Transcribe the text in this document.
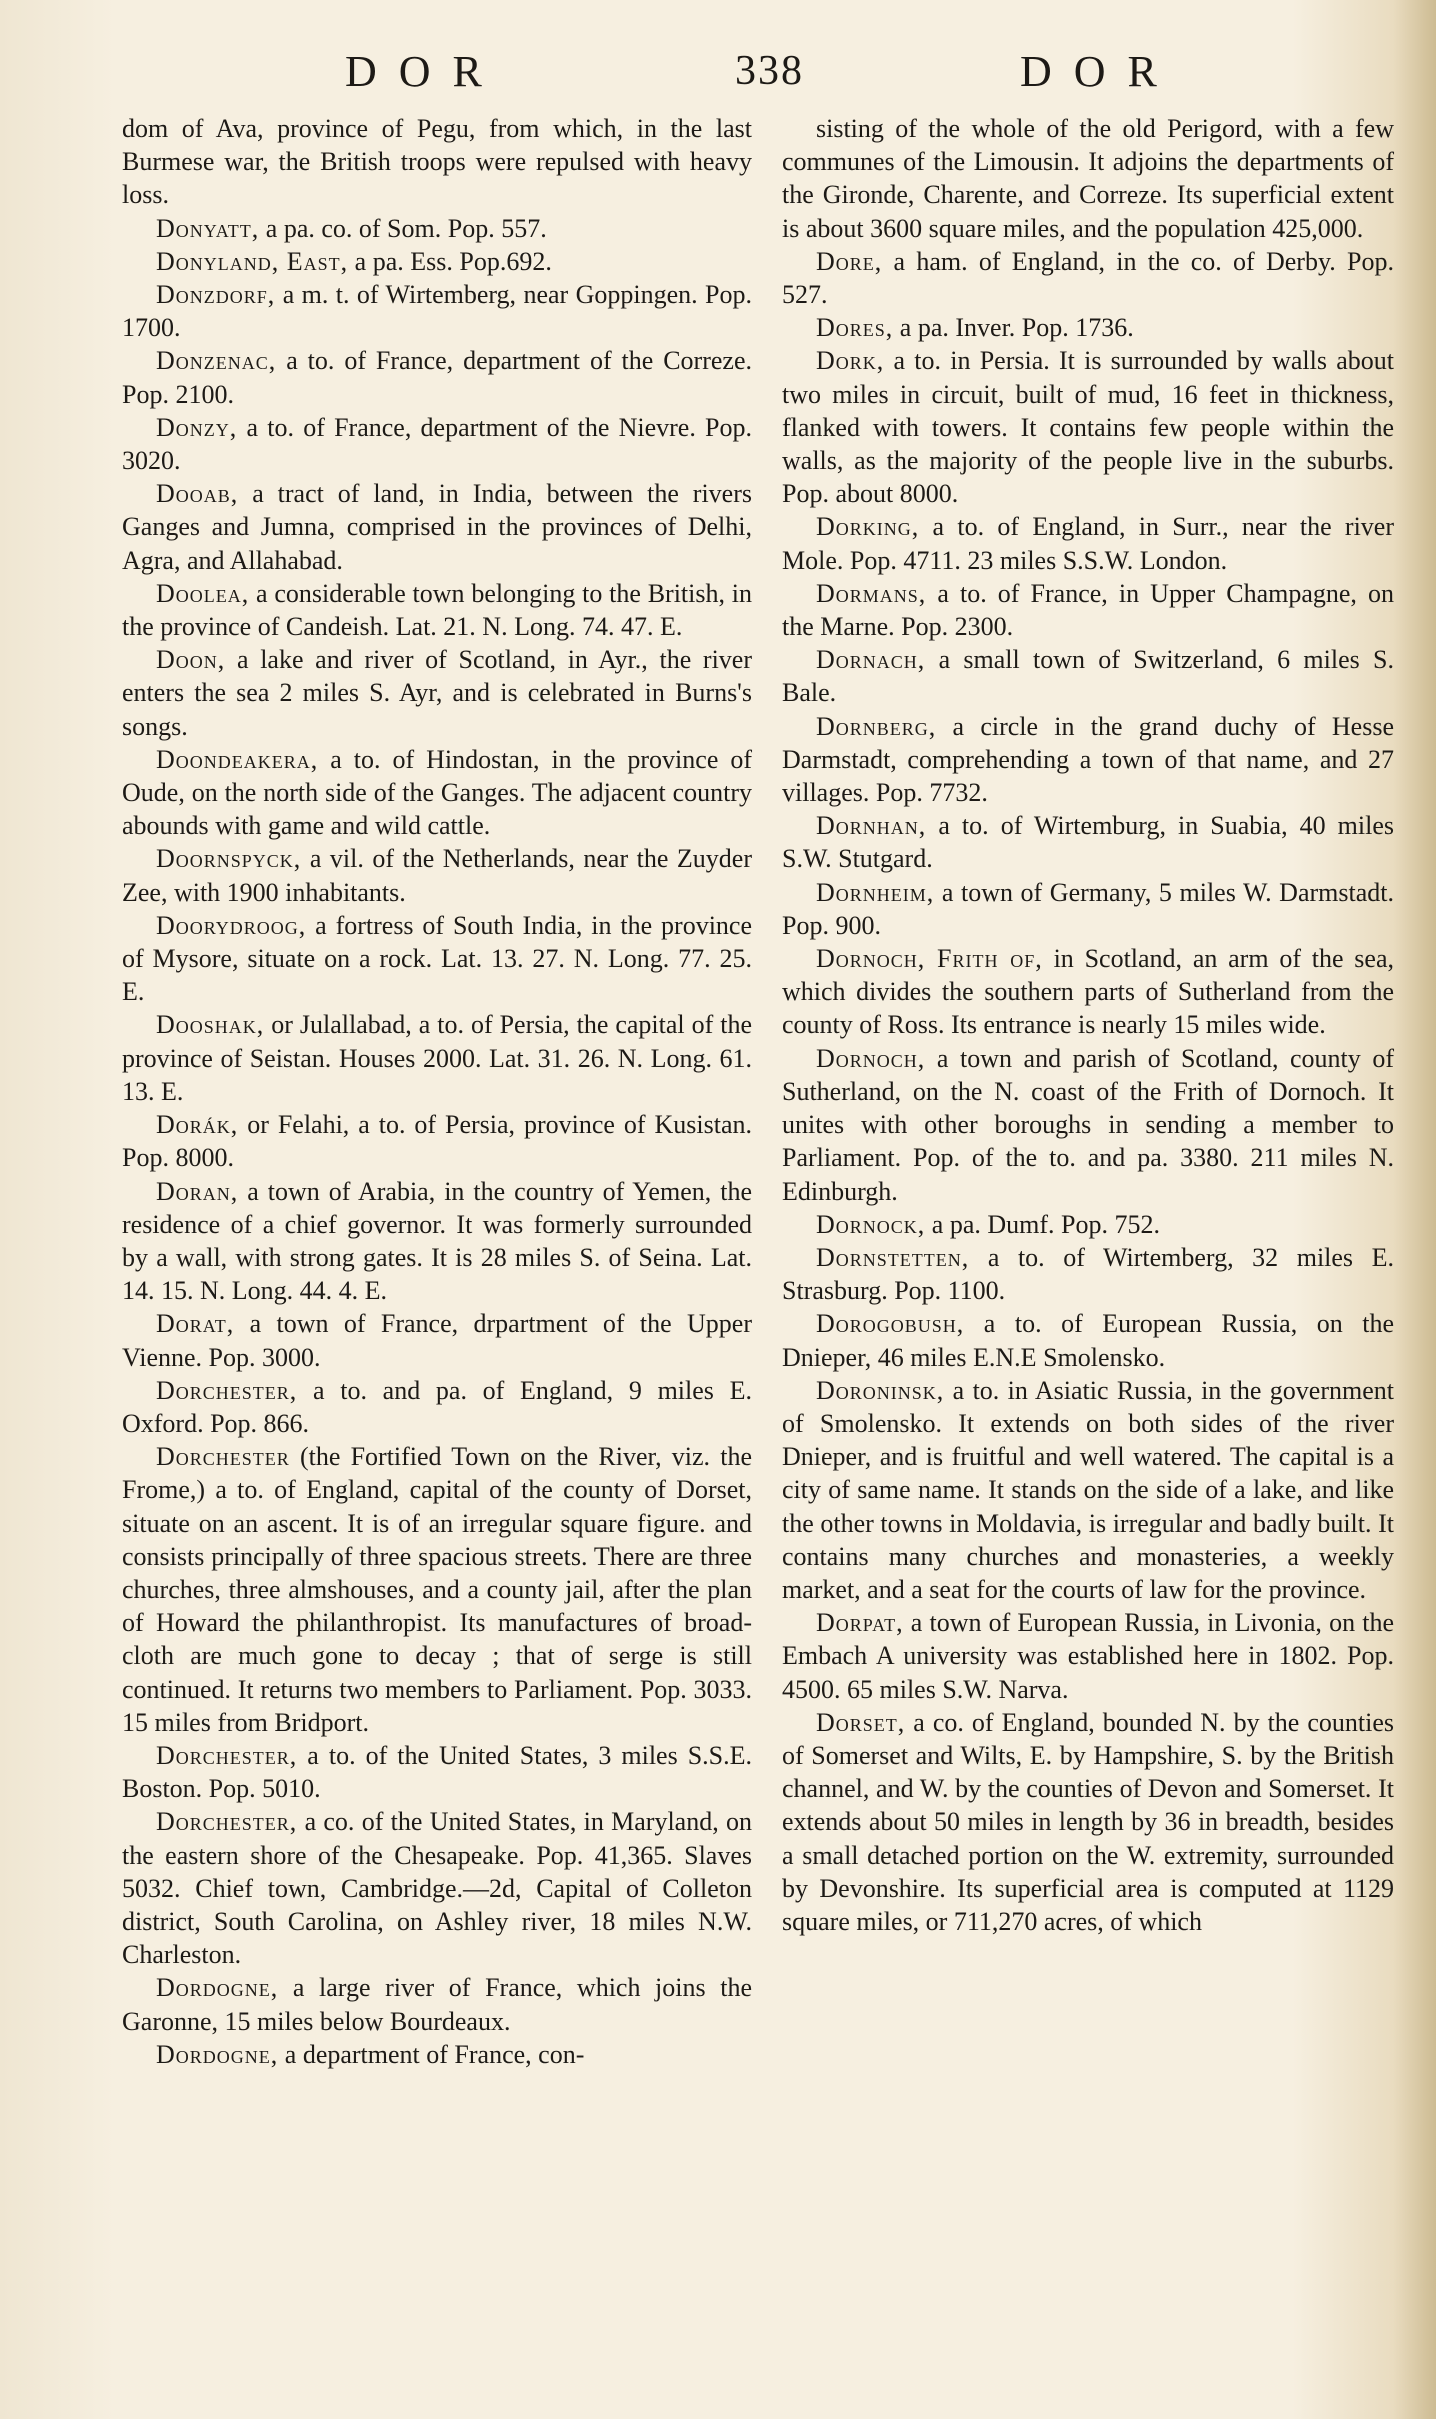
DOR	338	DOR

dom of Ava, province of Pegu, from which, in the last Burmese war, the British troops were repulsed with heavy loss.

Donyatt, a pa. co. of Som. Pop. 557.

Donyland, East, a pa. Ess. Pop.692.

Donzdorf, a m. t. of Wirtemberg, near Goppingen. Pop. 1700.

Donzenac, a to. of France, department of the Correze. Pop. 2100.

Donzy, a to. of France, department of the Nievre. Pop. 3020.

Dooab, a tract of land, in India, between the rivers Ganges and Jumna, comprised in the provinces of Delhi, Agra, and Allahabad.

Doolea, a considerable town belonging to the British, in the province of Candeish. Lat. 21. N. Long. 74. 47. E.

Doon, a lake and river of Scotland, in Ayr., the river enters the sea 2 miles S. Ayr, and is celebrated in Burns's songs.

Doondeakera, a to. of Hindostan, in the province of Oude, on the north side of the Ganges. The adjacent country abounds with game and wild cattle.

Doornspyck, a vil. of the Netherlands, near the Zuyder Zee, with 1900 inhabitants.

Doorydroog, a fortress of South India, in the province of Mysore, situate on a rock. Lat. 13. 27. N. Long. 77. 25. E.

Dooshak, or Julallabad, a to. of Persia, the capital of the province of Seistan. Houses 2000. Lat. 31. 26. N. Long. 61. 13. E.

Dorák, or Felahi, a to. of Persia, province of Kusistan. Pop. 8000.

Doran, a town of Arabia, in the country of Yemen, the residence of a chief governor. It was formerly surrounded by a wall, with strong gates. It is 28 miles S. of Seina. Lat. 14. 15. N. Long. 44. 4. E.

Dorat, a town of France, drpartment of the Upper Vienne. Pop. 3000.

Dorchester, a to. and pa. of England, 9 miles E. Oxford. Pop. 866.

Dorchester (the Fortified Town on the River, viz. the Frome,) a to. of England, capital of the county of Dorset, situate on an ascent. It is of an irregular square figure. and consists principally of three spacious streets. There are three churches, three almshouses, and a county jail, after the plan of Howard the philanthropist. Its manufactures of broad-cloth are much gone to decay ; that of serge is still continued. It returns two members to Parliament. Pop. 3033. 15 miles from Bridport.

Dorchester, a to. of the United States, 3 miles S.S.E. Boston. Pop. 5010.

Dorchester, a co. of the United States, in Maryland, on the eastern shore of the Chesapeake. Pop. 41,365. Slaves 5032. Chief town, Cambridge.—2d, Capital of Colleton district, South Carolina, on Ashley river, 18 miles N.W. Charleston.

Dordogne, a large river of France, which joins the Garonne, 15 miles below Bourdeaux.

Dordogne, a department of France, con-

sisting of the whole of the old Perigord, with a few communes of the Limousin. It adjoins the departments of the Gironde, Charente, and Correze. Its superficial extent is about 3600 square miles, and the population 425,000.

Dore, a ham. of England, in the co. of Derby. Pop. 527.

Dores, a pa. Inver. Pop. 1736.

Dork, a to. in Persia. It is surrounded by walls about two miles in circuit, built of mud, 16 feet in thickness, flanked with towers. It contains few people within the walls, as the majority of the people live in the suburbs. Pop. about 8000.

Dorking, a to. of England, in Surr., near the river Mole. Pop. 4711. 23 miles S.S.W. London.

Dormans, a to. of France, in Upper Champagne, on the Marne. Pop. 2300.

Dornach, a small town of Switzerland, 6 miles S. Bale.

Dornberg, a circle in the grand duchy of Hesse Darmstadt, comprehending a town of that name, and 27 villages. Pop. 7732.

Dornhan, a to. of Wirtemburg, in Suabia, 40 miles S.W. Stutgard.

Dornheim, a town of Germany, 5 miles W. Darmstadt. Pop. 900.

Dornoch, Frith of, in Scotland, an arm of the sea, which divides the southern parts of Sutherland from the county of Ross. Its entrance is nearly 15 miles wide.

Dornoch, a town and parish of Scotland, county of Sutherland, on the N. coast of the Frith of Dornoch. It unites with other boroughs in sending a member to Parliament. Pop. of the to. and pa. 3380. 211 miles N. Edinburgh.

Dornock, a pa. Dumf. Pop. 752.

Dornstetten, a to. of Wirtemberg, 32 miles E. Strasburg. Pop. 1100.

Dorogobush, a to. of European Russia, on the Dnieper, 46 miles E.N.E Smolensko.

Doroninsk, a to. in Asiatic Russia, in the government of Smolensko. It extends on both sides of the river Dnieper, and is fruitful and well watered. The capital is a city of same name. It stands on the side of a lake, and like the other towns in Moldavia, is irregular and badly built. It contains many churches and monasteries, a weekly market, and a seat for the courts of law for the province.

Dorpat, a town of European Russia, in Livonia, on the Embach A university was established here in 1802. Pop. 4500. 65 miles S.W. Narva.

Dorset, a co. of England, bounded N. by the counties of Somerset and Wilts, E. by Hampshire, S. by the British channel, and W. by the counties of Devon and Somerset. It extends about 50 miles in length by 36 in breadth, besides a small detached portion on the W. extremity, surrounded by Devonshire. Its superficial area is computed at 1129 square miles, or 711,270 acres, of which
